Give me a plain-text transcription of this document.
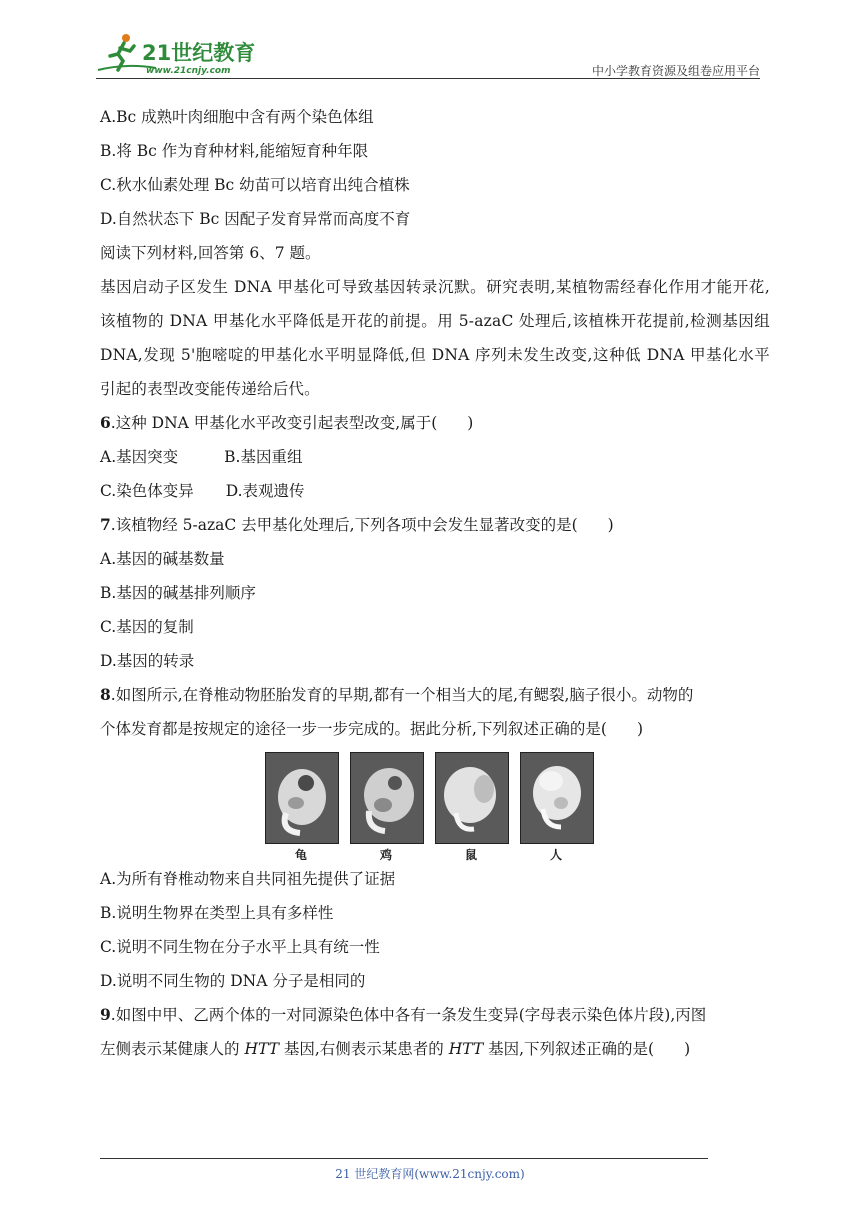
21世纪教育
www.21cnjy.com	中小学教育资源及组卷应用平台
A.Bc 成熟叶肉细胞中含有两个染色体组
B.将 Bc 作为育种材料,能缩短育种年限
C.秋水仙素处理 Bc 幼苗可以培育出纯合植株
D.自然状态下 Bc 因配子发育异常而高度不育
阅读下列材料,回答第 6、7 题。
基因启动子区发生 DNA 甲基化可导致基因转录沉默。研究表明,某植物需经春化作用才能开花,该植物的 DNA 甲基化水平降低是开花的前提。用 5-azaC 处理后,该植株开花提前,检测基因组 DNA,发现 5'胞嘧啶的甲基化水平明显降低,但 DNA 序列未发生改变,这种低 DNA 甲基化水平引起的表型改变能传递给后代。
6.这种 DNA 甲基化水平改变引起表型改变,属于( )
A.基因突变	B.基因重组
C.染色体变异 D.表观遗传
7.该植物经 5-azaC 去甲基化处理后,下列各项中会发生显著改变的是( )
A.基因的碱基数量
B.基因的碱基排列顺序
C.基因的复制
D.基因的转录
8.如图所示,在脊椎动物胚胎发育的早期,都有一个相当大的尾,有鳃裂,脑子很小。动物的
个体发育都是按规定的途径一步一步完成的。据此分析,下列叙述正确的是( )
龟	鸡	鼠	人
A.为所有脊椎动物来自共同祖先提供了证据
B.说明生物界在类型上具有多样性
C.说明不同生物在分子水平上具有统一性
D.说明不同生物的 DNA 分子是相同的
9.如图中甲、乙两个体的一对同源染色体中各有一条发生变异(字母表示染色体片段),丙图
左侧表示某健康人的 HTT 基因,右侧表示某患者的 HTT 基因,下列叙述正确的是( )
21 世纪教育网(www.21cnjy.com)
